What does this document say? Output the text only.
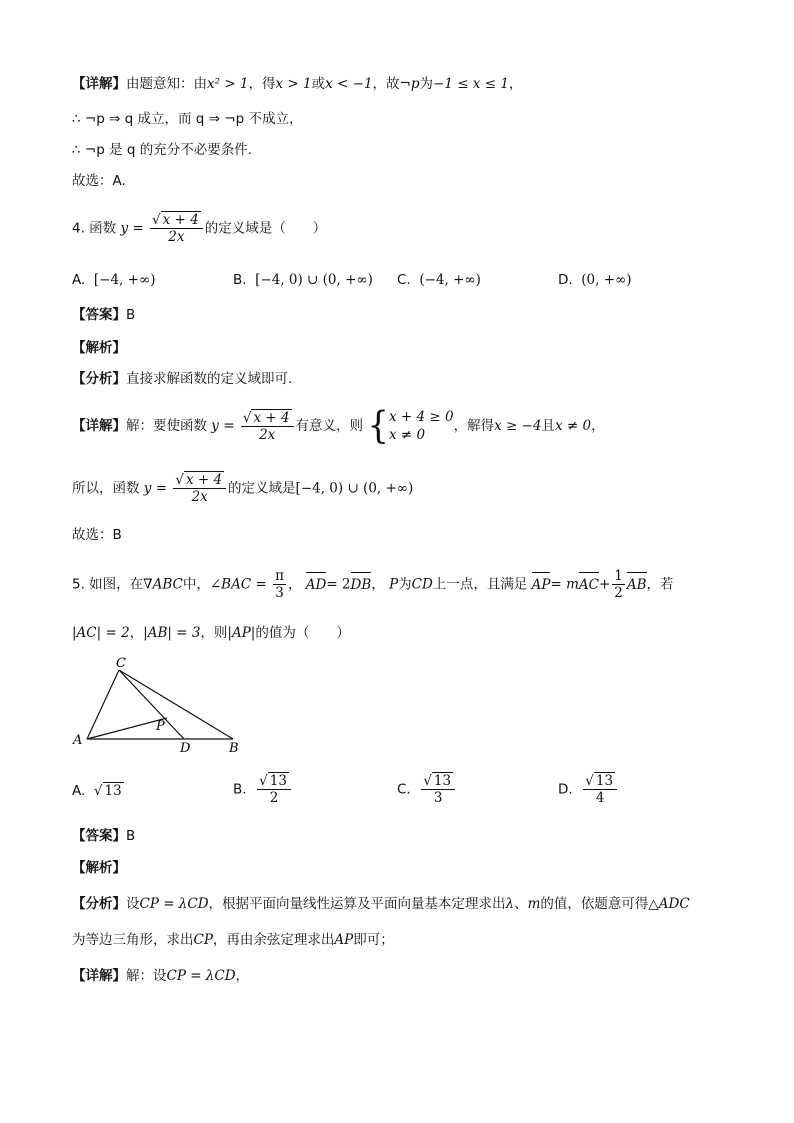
【详解】由题意知：由x² > 1，得x > 1或x < −1，故¬p为−1 ≤ x ≤ 1，
∴ ¬p ⇒ q 成立，而 q ⇒ ¬p 不成立，
∴ ¬p 是 q 的充分不必要条件.
故选：A.
4. 函数 $y = \frac{√ x + 4}{2x}$ 的定义域是（　　）
A. [−4, +∞)	B. [−4, 0) ∪ (0, +∞) C. (−4, +∞)	D. (0, +∞)
【答案】B
【解析】
【分析】直接求解函数的定义域即可.
【详解】解：要使函数 $y = \frac{√ x + 4}{2x}$ 有意义，则 { x + 4 ≥ 0
x ≠ 0
，解得x ≥ −4且x ≠ 0，
所以，函数 $y = \frac{√ x + 4}{2x}$ 的定义域是[−4, 0) ∪ (0, +∞)
故选：B
5. 如图，在∇ABC中，∠BAC = $\frac{\pi}{3}$ ， AD= 2DB， P为CD上一点，且满足 $AP= mAC+ \frac{1}{2}$ AB，若
|AC| = 2，|AB| = 3，则|AP|的值为（　　）
C
A
P
D	B
A. √ 13	B. $\frac{√ 13}{2}$	C. $\frac{√ 13}{3}$	D. $\frac{√ 13}{4}$
【答案】B
【解析】
【分析】设CP = λCD，根据平面向量线性运算及平面向量基本定理求出λ、m的值，依题意可得△ADC
为等边三角形，求出CP，再由余弦定理求出AP即可；
【详解】解：设CP = λCD，
